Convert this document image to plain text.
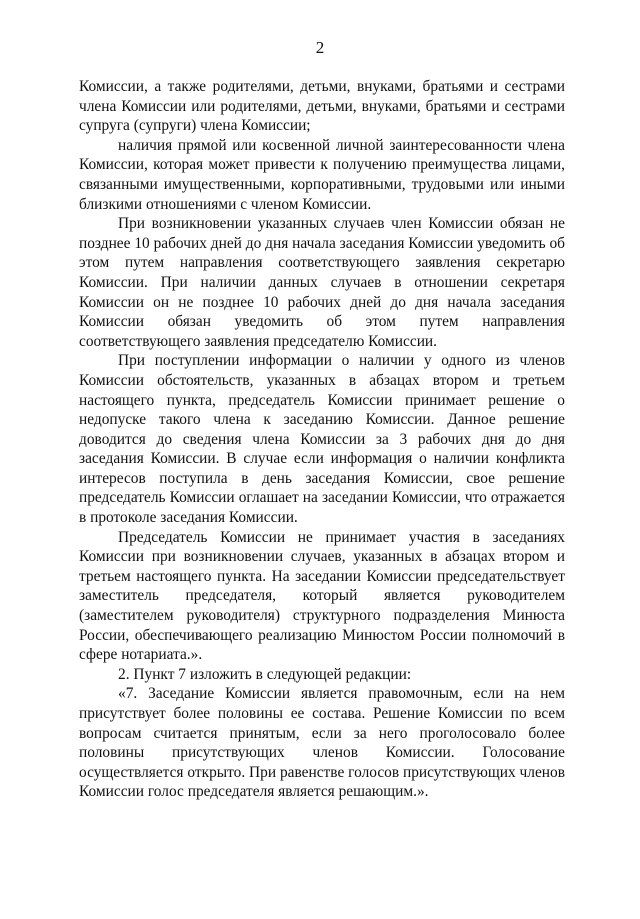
2

Комиссии, а также родителями, детьми, внуками, братьями и сестрами члена Комиссии или родителями, детьми, внуками, братьями и сестрами супруга (супруги) члена Комиссии;

наличия прямой или косвенной личной заинтересованности члена Комиссии, которая может привести к получению преимущества лицами, связанными имущественными, корпоративными, трудовыми или иными близкими отношениями с членом Комиссии.

При возникновении указанных случаев член Комиссии обязан не позднее 10 рабочих дней до дня начала заседания Комиссии уведомить об этом путем направления соответствующего заявления секретарю Комиссии. При наличии данных случаев в отношении секретаря Комиссии он не позднее 10 рабочих дней до дня начала заседания Комиссии обязан уведомить об этом путем направления соответствующего заявления председателю Комиссии.

При поступлении информации о наличии у одного из членов Комиссии обстоятельств, указанных в абзацах втором и третьем настоящего пункта, председатель Комиссии принимает решение о недопуске такого члена к заседанию Комиссии. Данное решение доводится до сведения члена Комиссии за 3 рабочих дня до дня заседания Комиссии. В случае если информация о наличии конфликта интересов поступила в день заседания Комиссии, свое решение председатель Комиссии оглашает на заседании Комиссии, что отражается в протоколе заседания Комиссии.

Председатель Комиссии не принимает участия в заседаниях Комиссии при возникновении случаев, указанных в абзацах втором и третьем настоящего пункта. На заседании Комиссии председательствует заместитель председателя, который является руководителем (заместителем руководителя) структурного подразделения Минюста России, обеспечивающего реализацию Минюстом России полномочий в сфере нотариата.».

2. Пункт 7 изложить в следующей редакции:

«7. Заседание Комиссии является правомочным, если на нем присутствует более половины ее состава. Решение Комиссии по всем вопросам считается принятым, если за него проголосовало более половины присутствующих членов Комиссии. Голосование осуществляется открыто. При равенстве голосов присутствующих членов Комиссии голос председателя является решающим.».
